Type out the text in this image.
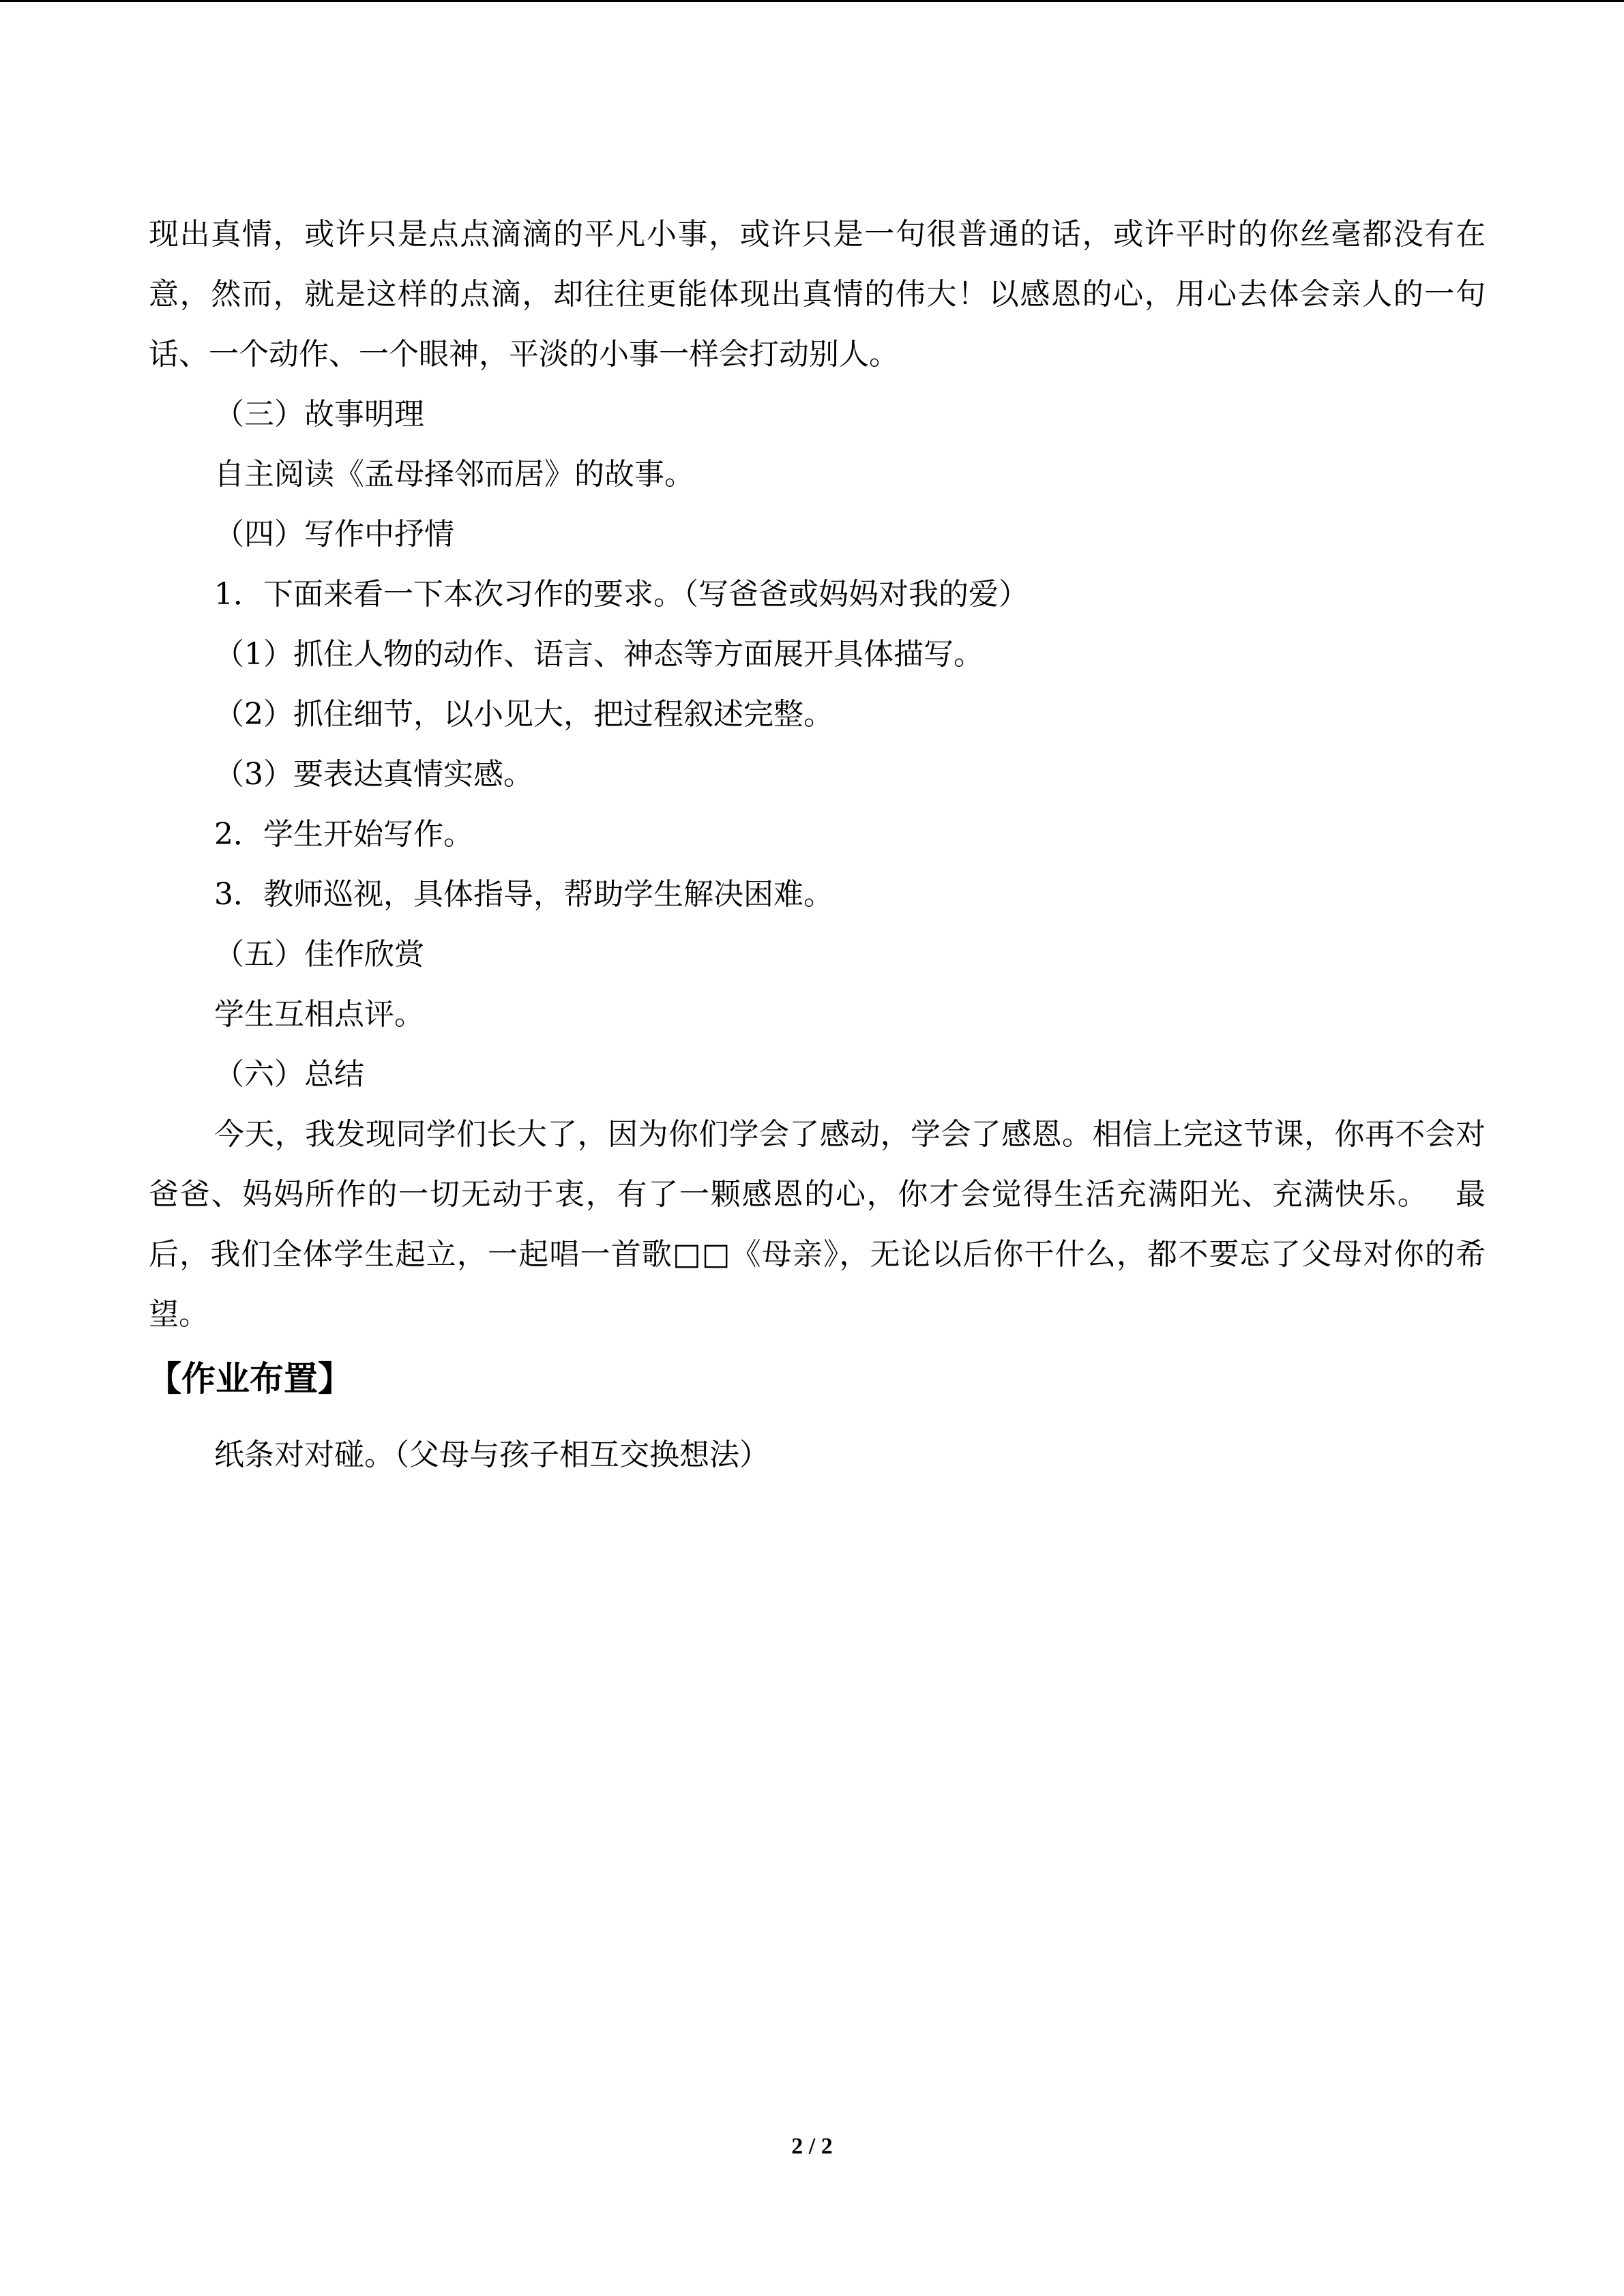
现出真情，或许只是点点滴滴的平凡小事，或许只是一句很普通的话，或许平时的你丝毫都没有在意，然而，就是这样的点滴，却往往更能体现出真情的伟大！以感恩的心，用心去体会亲人的一句话、一个动作、一个眼神，平淡的小事一样会打动别人。

（三）故事明理

自主阅读《孟母择邻而居》的故事。

（四）写作中抒情

1．下面来看一下本次习作的要求。（写爸爸或妈妈对我的爱）

（1）抓住人物的动作、语言、神态等方面展开具体描写。

（2）抓住细节，以小见大，把过程叙述完整。

（3）要表达真情实感。

2．学生开始写作。

3．教师巡视，具体指导，帮助学生解决困难。

（五）佳作欣赏

学生互相点评。

（六）总结

今天，我发现同学们长大了，因为你们学会了感动，学会了感恩。相信上完这节课，你再不会对爸爸、妈妈所作的一切无动于衷，有了一颗感恩的心，你才会觉得生活充满阳光、充满快乐。　 最后，我们全体学生起立，一起唱一首歌□□《母亲》，无论以后你干什么，都不要忘了父母对你的希望。

【作业布置】

纸条对对碰。（父母与孩子相互交换想法）

2 / 2
